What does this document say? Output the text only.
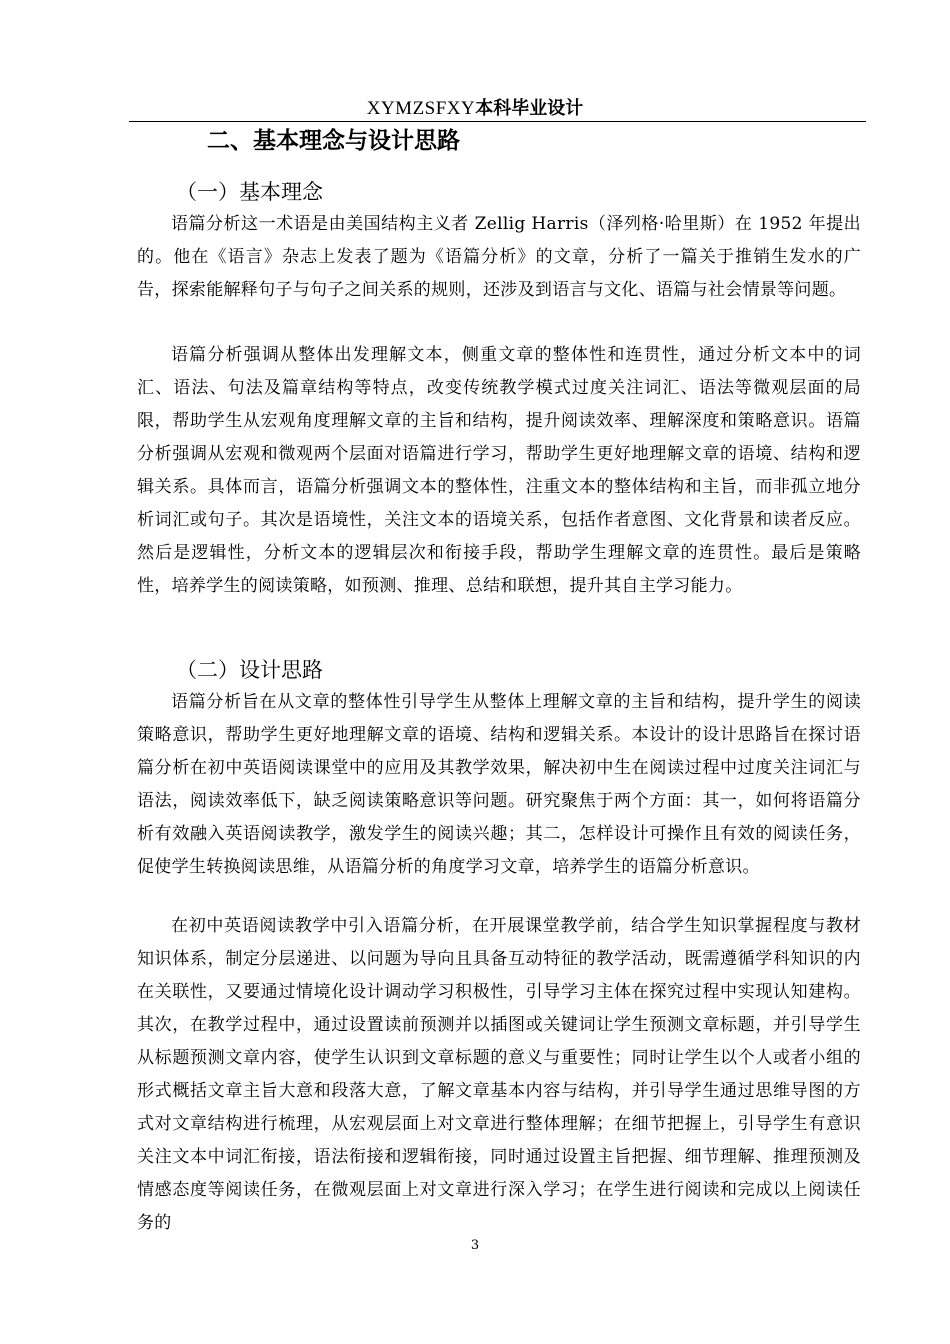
XYMZSFXY本科毕业设计
二、基本理念与设计思路
（一）基本理念

语篇分析这一术语是由美国结构主义者 Zellig Harris（泽列格·哈里斯）在 1952 年提出的。他在《语言》杂志上发表了题为《语篇分析》的文章，分析了一篇关于推销生发水的广告，探索能解释句子与句子之间关系的规则，还涉及到语言与文化、语篇与社会情景等问题。

语篇分析强调从整体出发理解文本，侧重文章的整体性和连贯性，通过分析文本中的词汇、语法、句法及篇章结构等特点，改变传统教学模式过度关注词汇、语法等微观层面的局限，帮助学生从宏观角度理解文章的主旨和结构，提升阅读效率、理解深度和策略意识。语篇分析强调从宏观和微观两个层面对语篇进行学习，帮助学生更好地理解文章的语境、结构和逻辑关系。具体而言，语篇分析强调文本的整体性，注重文本的整体结构和主旨，而非孤立地分析词汇或句子。其次是语境性，关注文本的语境关系，包括作者意图、文化背景和读者反应。然后是逻辑性，分析文本的逻辑层次和衔接手段，帮助学生理解文章的连贯性。最后是策略性，培养学生的阅读策略，如预测、推理、总结和联想，提升其自主学习能力。

（二）设计思路

语篇分析旨在从文章的整体性引导学生从整体上理解文章的主旨和结构，提升学生的阅读策略意识，帮助学生更好地理解文章的语境、结构和逻辑关系。本设计的设计思路旨在探讨语篇分析在初中英语阅读课堂中的应用及其教学效果，解决初中生在阅读过程中过度关注词汇与语法，阅读效率低下，缺乏阅读策略意识等问题。研究聚焦于两个方面：其一，如何将语篇分析有效融入英语阅读教学，激发学生的阅读兴趣；其二，怎样设计可操作且有效的阅读任务，促使学生转换阅读思维，从语篇分析的角度学习文章，培养学生的语篇分析意识。

在初中英语阅读教学中引入语篇分析，在开展课堂教学前，结合学生知识掌握程度与教材知识体系，制定分层递进、以问题为导向且具备互动特征的教学活动，既需遵循学科知识的内在关联性，又要通过情境化设计调动学习积极性，引导学习主体在探究过程中实现认知建构。其次，在教学过程中，通过设置读前预测并以插图或关键词让学生预测文章标题，并引导学生从标题预测文章内容，使学生认识到文章标题的意义与重要性；同时让学生以个人或者小组的形式概括文章主旨大意和段落大意，了解文章基本内容与结构，并引导学生通过思维导图的方式对文章结构进行梳理，从宏观层面上对文章进行整体理解；在细节把握上，引导学生有意识关注文本中词汇衔接，语法衔接和逻辑衔接，同时通过设置主旨把握、细节理解、推理预测及情感态度等阅读任务，在微观层面上对文章进行深入学习；在学生进行阅读和完成以上阅读任务的

3
